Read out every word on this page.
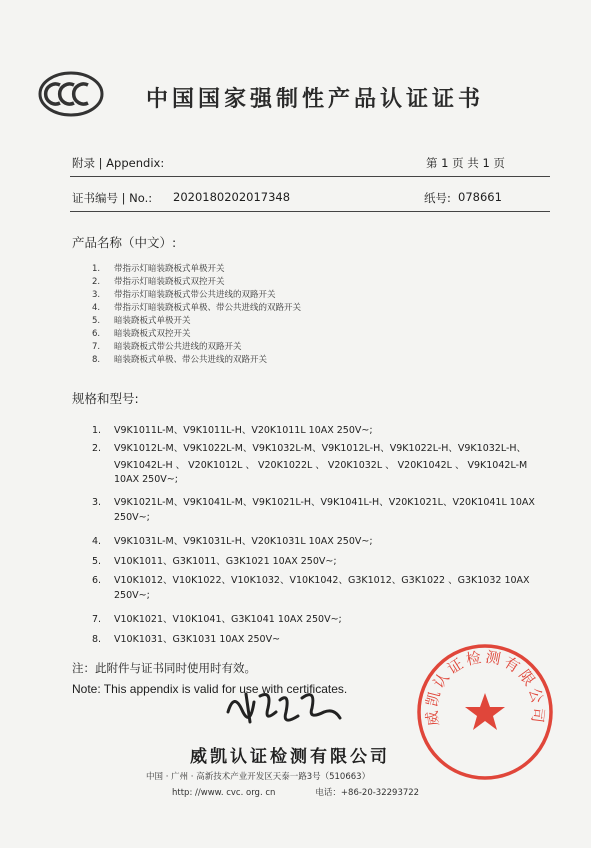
中国国家强制性产品认证证书
附录 | Appendix:	第 1 页 共 1 页
证书编号 | No.: 2020180202017348	纸号: 078661
产品名称（中文）:
1. 带指示灯暗装跷板式单极开关
2. 带指示灯暗装跷板式双控开关
3. 带指示灯暗装跷板式带公共进线的双路开关
4. 带指示灯暗装跷板式单极、带公共进线的双路开关
5. 暗装跷板式单极开关
6. 暗装跷板式双控开关
7. 暗装跷板式带公共进线的双路开关
8. 暗装跷板式单极、带公共进线的双路开关
规格和型号:
1. V9K1011L-M、V9K1011L-H、V20K1011L 10AX 250V~;
2. V9K1012L-M、V9K1022L-M、V9K1032L-M、V9K1012L-H、V9K1022L-H、V9K1032L-H、
V9K1042L-H 、 V20K1012L 、 V20K1022L 、 V20K1032L 、 V20K1042L 、 V9K1042L-M
10AX 250V~;
3. V9K1021L-M、V9K1041L-M、V9K1021L-H、V9K1041L-H、V20K1021L、V20K1041L 10AX
250V~;
4. V9K1031L-M、V9K1031L-H、V20K1031L 10AX 250V~;
5. V10K1011、G3K1011、G3K1021 10AX 250V~;
6. V10K1012、V10K1022、V10K1032、V10K1042、G3K1012、G3K1022 、G3K1032 10AX
250V~;
7. V10K1021、V10K1041、G3K1041 10AX 250V~;
8. V10K1031、G3K1031 10AX 250V~
注：此附件与证书同时使用时有效。
Note: This appendix is valid for use with certificates.
威凯认证检测有限公司
威凯认证检测有限公司
中国 · 广州 · 高新技术产业开发区天泰一路3号（510663）
http: //www. cvc. org. cn	电话：+86-20-32293722
